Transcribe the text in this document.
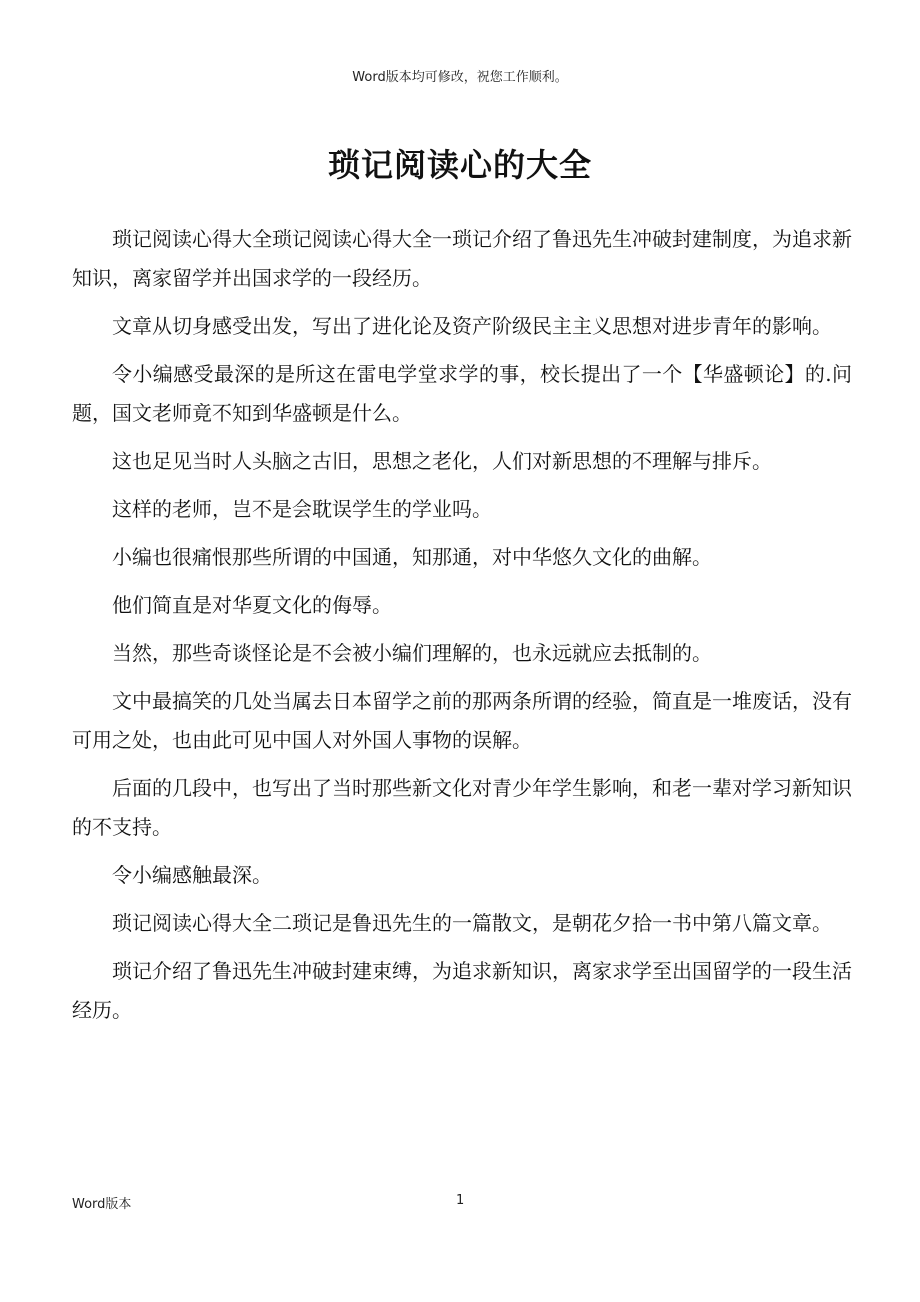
Word版本均可修改，祝您工作顺利。
琐记阅读心的大全

琐记阅读心得大全琐记阅读心得大全一琐记介绍了鲁迅先生冲破封建制度，为追求新知识，离家留学并出国求学的一段经历。

文章从切身感受出发，写出了进化论及资产阶级民主主义思想对进步青年的影响。

令小编感受最深的是所这在雷电学堂求学的事，校长提出了一个【华盛顿论】的.问题，国文老师竟不知到华盛顿是什么。

这也足见当时人头脑之古旧，思想之老化，人们对新思想的不理解与排斥。

这样的老师，岂不是会耽误学生的学业吗。

小编也很痛恨那些所谓的中国通，知那通，对中华悠久文化的曲解。

他们简直是对华夏文化的侮辱。

当然，那些奇谈怪论是不会被小编们理解的，也永远就应去抵制的。

文中最搞笑的几处当属去日本留学之前的那两条所谓的经验，简直是一堆废话，没有可用之处，也由此可见中国人对外国人事物的误解。

后面的几段中，也写出了当时那些新文化对青少年学生影响，和老一辈对学习新知识的不支持。

令小编感触最深。

琐记阅读心得大全二琐记是鲁迅先生的一篇散文，是朝花夕拾一书中第八篇文章。

琐记介绍了鲁迅先生冲破封建束缚，为追求新知识，离家求学至出国留学的一段生活经历。

Word版本	1
